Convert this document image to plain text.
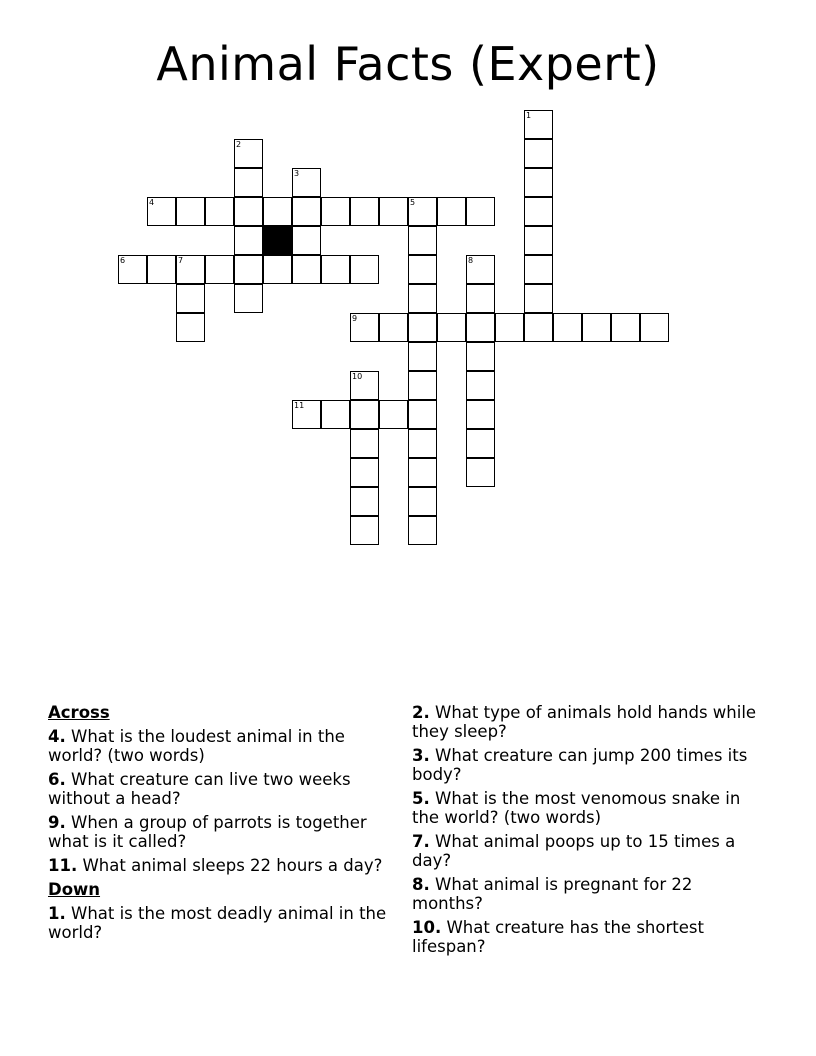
Animal Facts (Expert)
4	5
6	7
9
11
1
2
3
8
10
Across
4. What is the loudest animal in the world? (two words)
6. What creature can live two weeks without a head?
9. When a group of parrots is together what is it called?
11. What animal sleeps 22 hours a day?
Down
1. What is the most deadly animal in the world?
2. What type of animals hold hands while they sleep?
3. What creature can jump 200 times its body?
5. What is the most venomous snake in the world? (two words)
7. What animal poops up to 15 times a day?
8. What animal is pregnant for 22 months?
10. What creature has the shortest lifespan?
